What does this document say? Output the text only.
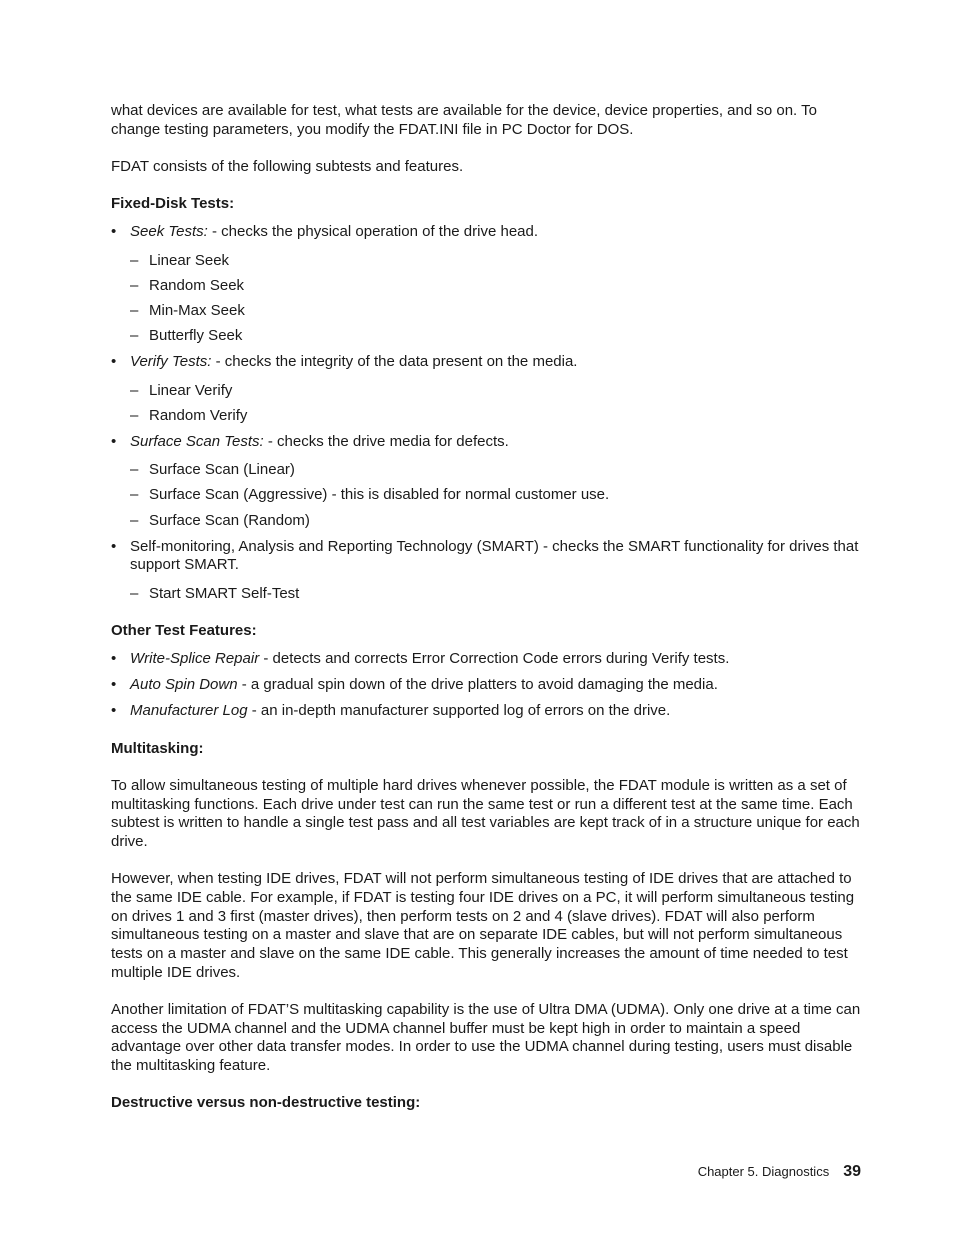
what devices are available for test, what tests are available for the device, device properties, and so on. To change testing parameters, you modify the FDAT.INI file in PC Doctor for DOS.

FDAT consists of the following subtests and features.

Fixed-Disk Tests:
• Seek Tests: - checks the physical operation of the drive head.
– Linear Seek
– Random Seek
– Min-Max Seek
– Butterfly Seek
• Verify Tests: - checks the integrity of the data present on the media.
– Linear Verify
– Random Verify
• Surface Scan Tests: - checks the drive media for defects.
– Surface Scan (Linear)
– Surface Scan (Aggressive) - this is disabled for normal customer use.
– Surface Scan (Random)
• Self-monitoring, Analysis and Reporting Technology (SMART) - checks the SMART functionality for drives that support SMART.
– Start SMART Self-Test
Other Test Features:
• Write-Splice Repair - detects and corrects Error Correction Code errors during Verify tests.
• Auto Spin Down - a gradual spin down of the drive platters to avoid damaging the media.
• Manufacturer Log - an in-depth manufacturer supported log of errors on the drive.
Multitasking:

To allow simultaneous testing of multiple hard drives whenever possible, the FDAT module is written as a set of multitasking functions. Each drive under test can run the same test or run a different test at the same time. Each subtest is written to handle a single test pass and all test variables are kept track of in a structure unique for each drive.

However, when testing IDE drives, FDAT will not perform simultaneous testing of IDE drives that are attached to the same IDE cable. For example, if FDAT is testing four IDE drives on a PC, it will perform simultaneous testing on drives 1 and 3 first (master drives), then perform tests on 2 and 4 (slave drives). FDAT will also perform simultaneous testing on a master and slave that are on separate IDE cables, but will not perform simultaneous tests on a master and slave on the same IDE cable. This generally increases the amount of time needed to test multiple IDE drives.

Another limitation of FDAT’S multitasking capability is the use of Ultra DMA (UDMA). Only one drive at a time can access the UDMA channel and the UDMA channel buffer must be kept high in order to maintain a speed advantage over other data transfer modes. In order to use the UDMA channel during testing, users must disable the multitasking feature.

Destructive versus non-destructive testing:
Chapter 5. Diagnostics 39
